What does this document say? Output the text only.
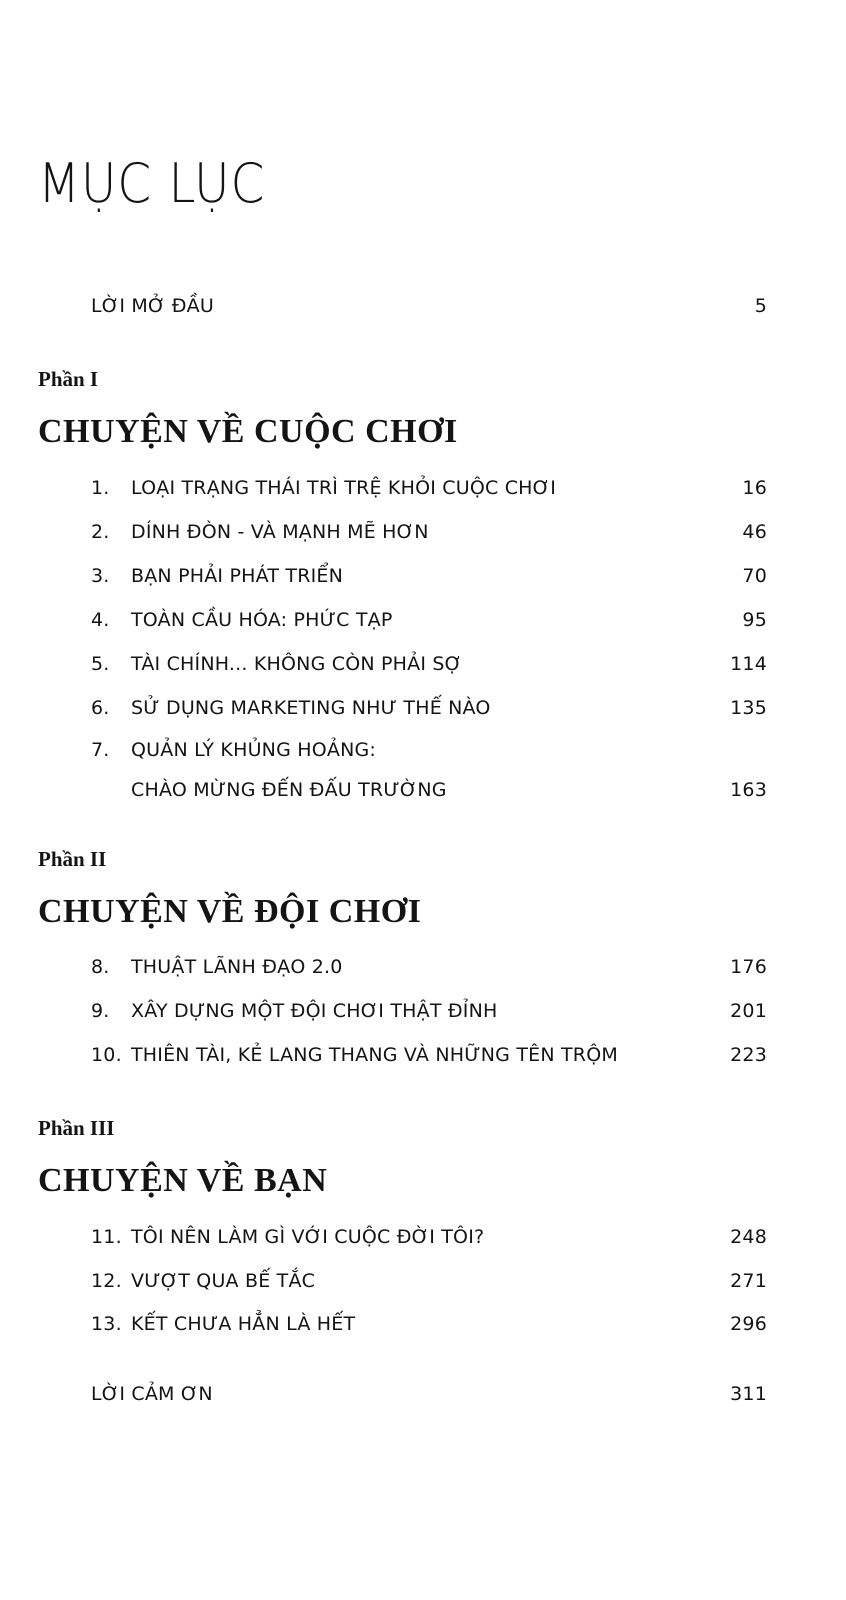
MỤC LỤC
LỜI MỞ ĐẦU	5
Phần I
CHUYỆN VỀ CUỘC CHƠI
1. LOẠI TRẠNG THÁI TRÌ TRỆ KHỎI CUỘC CHƠI	16
2. DÍNH ĐÒN - VÀ MẠNH MẼ HƠN	46
3. BẠN PHẢI PHÁT TRIỂN	70
4. TOÀN CẦU HÓA: PHỨC TẠP	95
5. TÀI CHÍNH... KHÔNG CÒN PHẢI SỢ	114
6. SỬ DỤNG MARKETING NHƯ THẾ NÀO	135
7. QUẢN LÝ KHỦNG HOẢNG:
CHÀO MỪNG ĐẾN ĐẤU TRƯỜNG	163
Phần II
CHUYỆN VỀ ĐỘI CHƠI
8. THUẬT LÃNH ĐẠO 2.0	176
9. XÂY DỰNG MỘT ĐỘI CHƠI THẬT ĐỈNH	201
10. THIÊN TÀI, KẺ LANG THANG VÀ NHỮNG TÊN TRỘM	223
Phần III
CHUYỆN VỀ BẠN
11. TÔI NÊN LÀM GÌ VỚI CUỘC ĐỜI TÔI?	248
12. VƯỢT QUA BẾ TẮC	271
13. KẾT CHƯA HẲN LÀ HẾT	296
LỜI CẢM ƠN	311
